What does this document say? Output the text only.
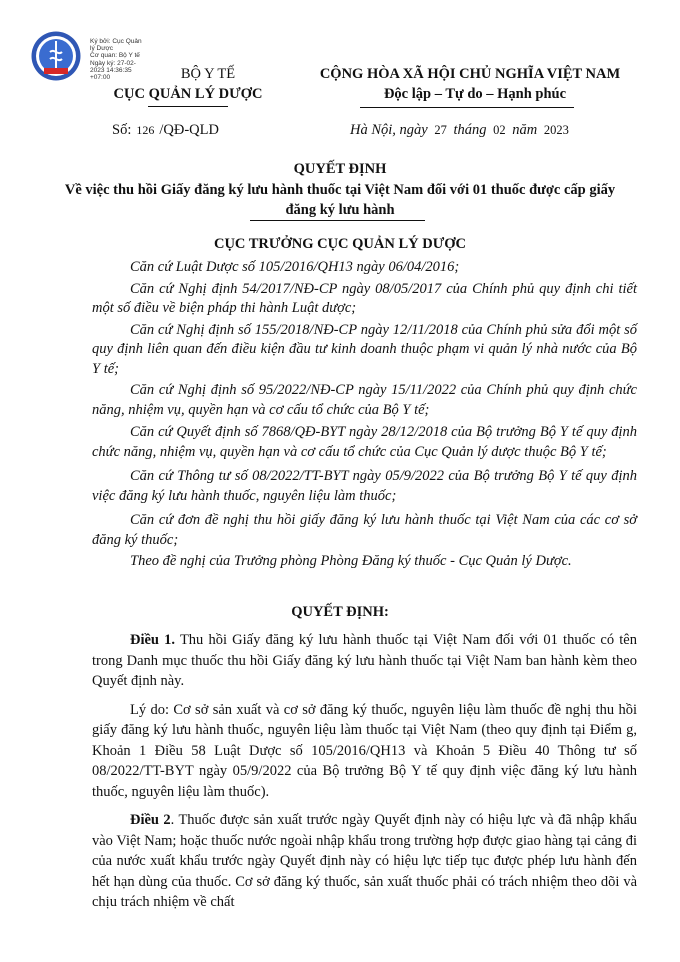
Ký bởi: Cục Quản
lý Dược
Cơ quan: Bộ Y tế
Ngày ký: 27-02-
2023 14:36:35
+07:00	BỘ Y TẾ
CỤC QUẢN LÝ DƯỢC
CỘNG HÒA XÃ HỘI CHỦ NGHĨA VIỆT NAM
Độc lập – Tự do – Hạnh phúc
Số: 126 /QĐ-QLD	Hà Nội, ngày 27 tháng 02 năm 2023
QUYẾT ĐỊNH
Về việc thu hồi Giấy đăng ký lưu hành thuốc tại Việt Nam đối với 01 thuốc được cấp giấy đăng ký lưu hành
CỤC TRƯỞNG CỤC QUẢN LÝ DƯỢC

Căn cứ Luật Dược số 105/2016/QH13 ngày 06/04/2016;

Căn cứ Nghị định 54/2017/NĐ-CP ngày 08/05/2017 của Chính phủ quy định chi tiết một số điều về biện pháp thi hành Luật dược;

Căn cứ Nghị định số 155/2018/NĐ-CP ngày 12/11/2018 của Chính phủ sửa đổi một số quy định liên quan đến điều kiện đầu tư kinh doanh thuộc phạm vi quản lý nhà nước của Bộ Y tế;

Căn cứ Nghị định số 95/2022/NĐ-CP ngày 15/11/2022 của Chính phủ quy định chức năng, nhiệm vụ, quyền hạn và cơ cấu tổ chức của Bộ Y tế;

Căn cứ Quyết định số 7868/QĐ-BYT ngày 28/12/2018 của Bộ trưởng Bộ Y tế quy định chức năng, nhiệm vụ, quyền hạn và cơ cấu tổ chức của Cục Quản lý dược thuộc Bộ Y tế;

Căn cứ Thông tư số 08/2022/TT-BYT ngày 05/9/2022 của Bộ trưởng Bộ Y tế quy định việc đăng ký lưu hành thuốc, nguyên liệu làm thuốc;

Căn cứ đơn đề nghị thu hồi giấy đăng ký lưu hành thuốc tại Việt Nam của các cơ sở đăng ký thuốc;

Theo đề nghị của Trưởng phòng Phòng Đăng ký thuốc - Cục Quản lý Dược.

QUYẾT ĐỊNH:

Điều 1. Thu hồi Giấy đăng ký lưu hành thuốc tại Việt Nam đối với 01 thuốc có tên trong Danh mục thuốc thu hồi Giấy đăng ký lưu hành thuốc tại Việt Nam ban hành kèm theo Quyết định này.

Lý do: Cơ sở sản xuất và cơ sở đăng ký thuốc, nguyên liệu làm thuốc đề nghị thu hồi giấy đăng ký lưu hành thuốc, nguyên liệu làm thuốc tại Việt Nam (theo quy định tại Điểm g, Khoản 1 Điều 58 Luật Dược số 105/2016/QH13 và Khoản 5 Điều 40 Thông tư số 08/2022/TT-BYT ngày 05/9/2022 của Bộ trưởng Bộ Y tế quy định việc đăng ký lưu hành thuốc, nguyên liệu làm thuốc).

Điều 2. Thuốc được sản xuất trước ngày Quyết định này có hiệu lực và đã nhập khẩu vào Việt Nam; hoặc thuốc nước ngoài nhập khẩu trong trường hợp được giao hàng tại cảng đi của nước xuất khẩu trước ngày Quyết định này có hiệu lực tiếp tục được phép lưu hành đến hết hạn dùng của thuốc. Cơ sở đăng ký thuốc, sản xuất thuốc phải có trách nhiệm theo dõi và chịu trách nhiệm về chất
